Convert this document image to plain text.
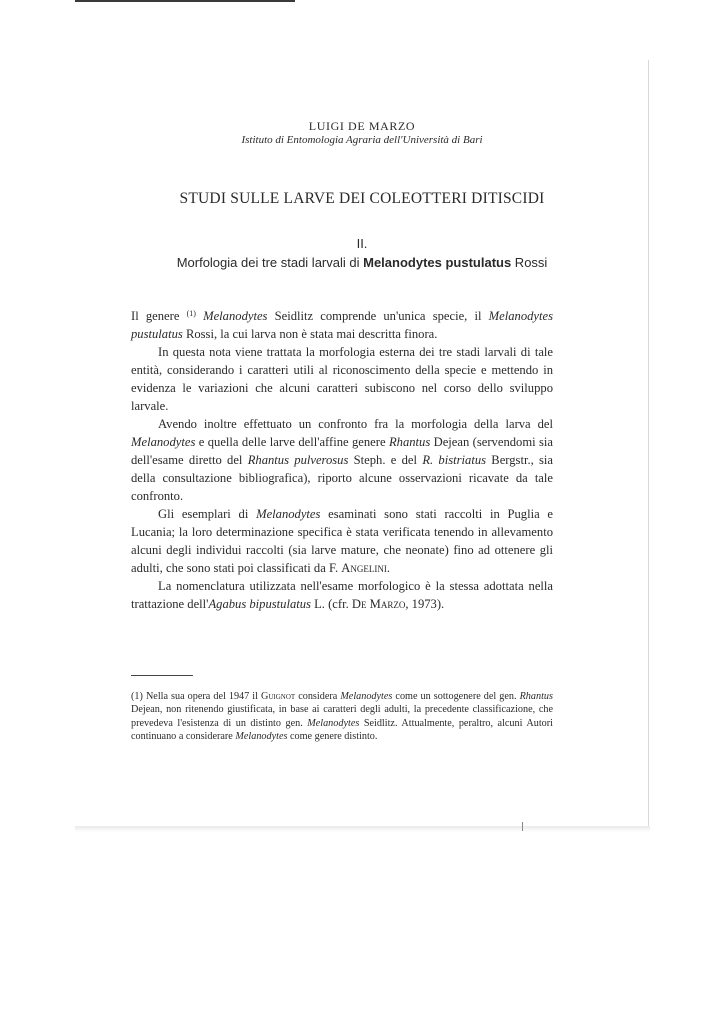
LUIGI DE MARZO
Istituto di Entomologia Agraria dell'Università di Bari
STUDI SULLE LARVE DEI COLEOTTERI DITISCIDI
II.
Morfologia dei tre stadi larvali di Melanodytes pustulatus Rossi

Il genere $^{(1)}$ Melanodytes Seidlitz comprende un'unica specie, il Melanodytes pustulatus Rossi, la cui larva non è stata mai descritta finora.

In questa nota viene trattata la morfologia esterna dei tre stadi larvali di tale entità, considerando i caratteri utili al riconoscimento della specie e mettendo in evidenza le variazioni che alcuni caratteri subiscono nel corso dello sviluppo larvale.

Avendo inoltre effettuato un confronto fra la morfologia della larva del Melanodytes e quella delle larve dell'affine genere Rhantus Dejean (servendomi sia dell'esame diretto del Rhantus pulverosus Steph. e del R. bistriatus Bergstr., sia della consultazione bibliografica), riporto alcune osservazioni ricavate da tale confronto.

Gli esemplari di Melanodytes esaminati sono stati raccolti in Puglia e Lucania; la loro determinazione specifica è stata verificata tenendo in allevamento alcuni degli individui raccolti (sia larve mature, che neonate) fino ad ottenere gli adulti, che sono stati poi classificati da F. Angelini.

La nomenclatura utilizzata nell'esame morfologico è la stessa adottata nella trattazione dell'Agabus bipustulatus L. (cfr. De Marzo, 1973).

(1) Nella sua opera del 1947 il Guignot considera Melanodytes come un sottogenere del gen. Rhantus Dejean, non ritenendo giustificata, in base ai caratteri degli adulti, la precedente classificazione, che prevedeva l'esistenza di un distinto gen. Melanodytes Seidlitz. Attualmente, peraltro, alcuni Autori continuano a considerare Melanodytes come genere distinto.
